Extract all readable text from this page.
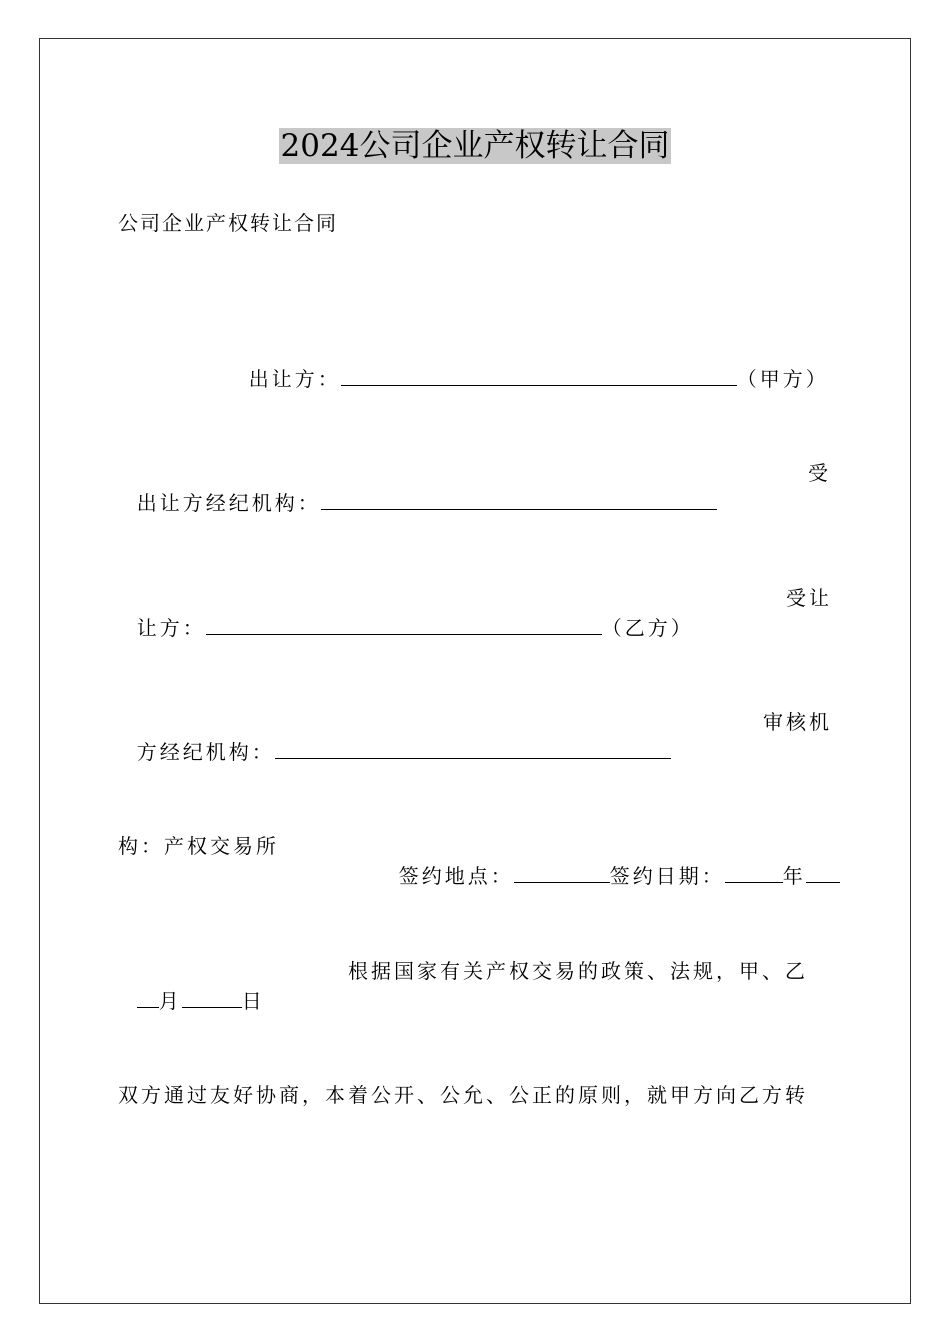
2024公司企业产权转让合同
公司企业产权转让合同

出让方：	（甲方）

出让方经纪机构：

受

让方：	（乙方）

受让

方经纪机构：

审核机
构：产权交易所

签约地点：	签约日期：	年

月	日

根据国家有关产权交易的政策、法规，甲、乙
双方通过友好协商，本着公开、公允、公正的原则，就甲方向乙方转
